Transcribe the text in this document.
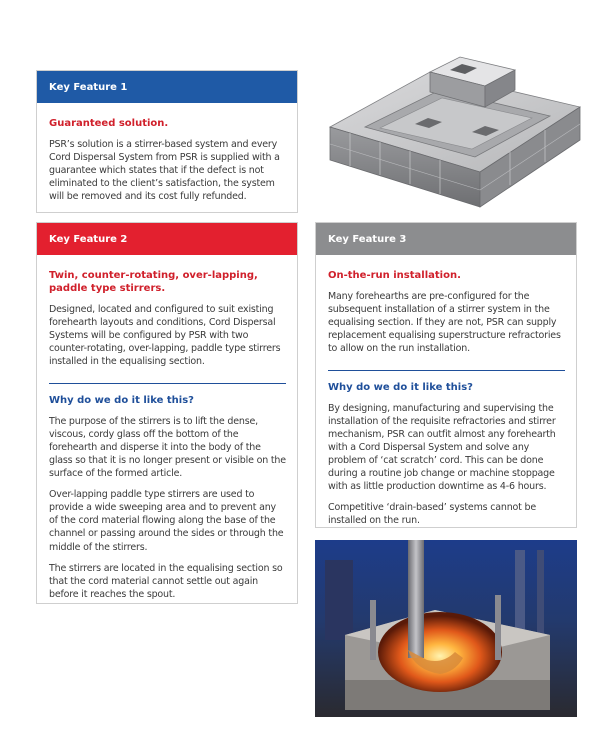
Key Feature 1
Guaranteed solution.

PSR’s solution is a stirrer-based system and every Cord Dispersal System from PSR is supplied with a guarantee which states that if the defect is not eliminated to the client’s satisfaction, the system will be removed and its cost fully refunded.

Key Feature 2
Twin, counter-rotating, over-lapping, paddle type stirrers.

Designed, located and configured to suit existing forehearth layouts and conditions, Cord Dispersal Systems will be configured by PSR with two counter-rotating, over-lapping, paddle type stirrers installed in the equalising section.

Why do we do it like this?

The purpose of the stirrers is to lift the dense, viscous, cordy glass off the bottom of the forehearth and disperse it into the body of the glass so that it is no longer present or visible on the surface of the formed article.

Over-lapping paddle type stirrers are used to provide a wide sweeping area and to prevent any of the cord material flowing along the base of the channel or passing around the sides or through the middle of the stirrers.

The stirrers are located in the equalising section so that the cord material cannot settle out again before it reaches the spout.

Key Feature 3
On-the-run installation.

Many forehearths are pre-configured for the subsequent installation of a stirrer system in the equalising section. If they are not, PSR can supply replacement equalising superstructure refractories to allow on the run installation.

Why do we do it like this?

By designing, manufacturing and supervising the installation of the requisite refractories and stirrer mechanism, PSR can outfit almost any forehearth with a Cord Dispersal System and solve any problem of ‘cat scratch’ cord. This can be done during a routine job change or machine stoppage with as little production downtime as 4-6 hours.

Competitive ‘drain-based’ systems cannot be installed on the run.
